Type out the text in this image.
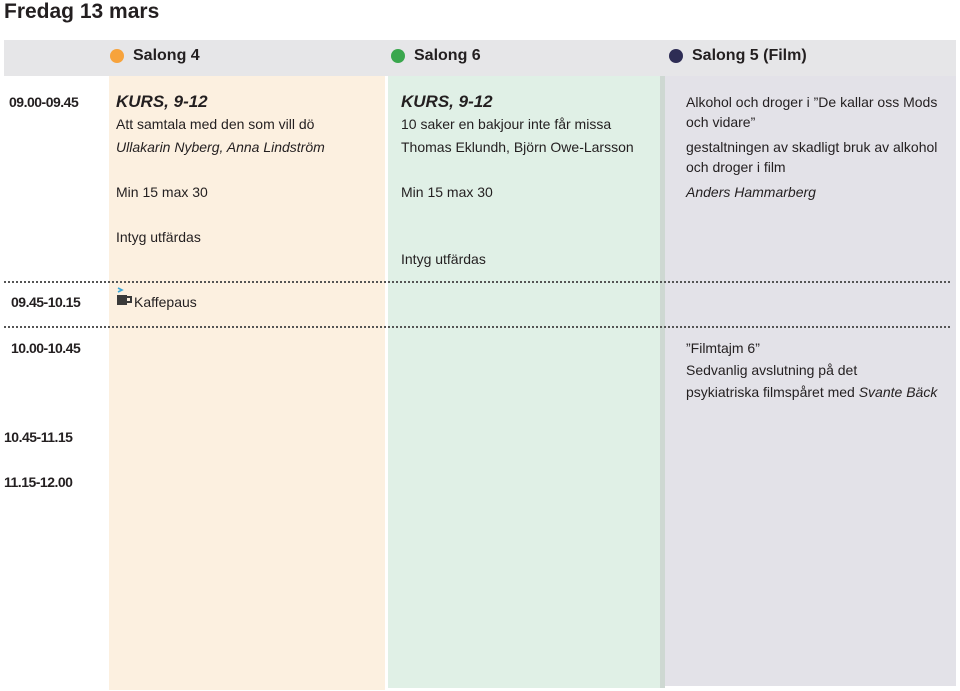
Fredag 13 mars
Salong 4	Salong 6	Salong 5 (Film)
09.00-09.45
09.45-10.15
10.00-10.45
10.45-11.15
11.15-12.00
KURS, 9-12
Att samtala med den som vill dö
Ullakarin Nyberg, Anna Lindström
Min 15 max 30
Intyg utfärdas
KURS, 9-12
10 saker en bakjour inte får missa
Thomas Eklundh, Björn Owe-Larsson
Min 15 max 30
Intyg utfärdas
Alkohol och droger i ”De kallar oss Mods och vidare”
gestaltningen av skadligt bruk av alkohol och droger i film
Anders Hammarberg
Kaffepaus
”Filmtajm 6”
Sedvanlig avslutning på det
psykiatriska filmspåret med Svante Bäck
